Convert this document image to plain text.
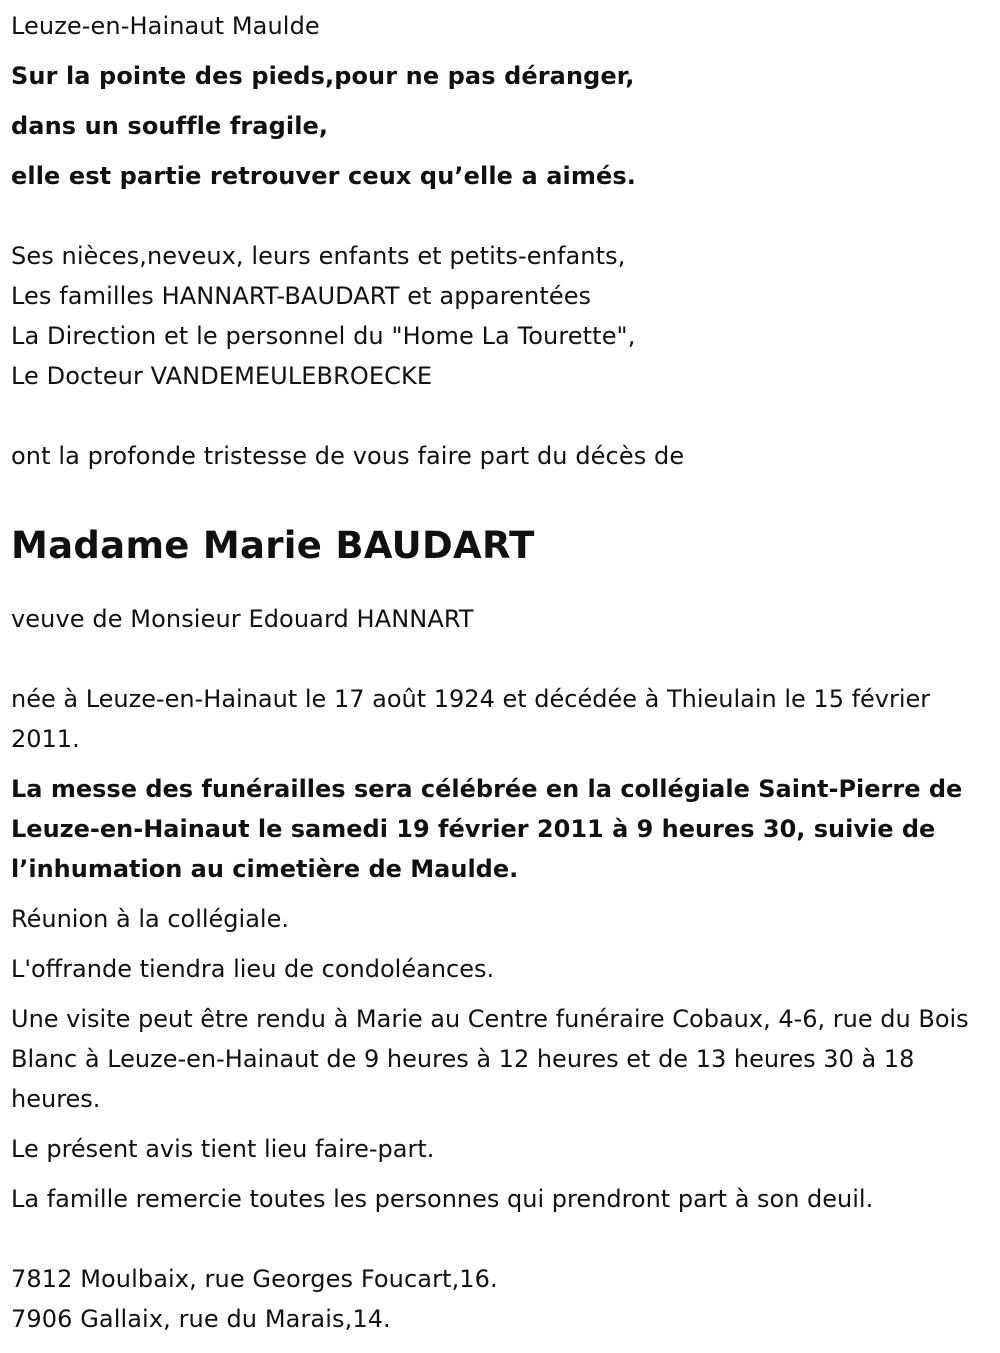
Leuze-en-Hainaut Maulde

Sur la pointe des pieds,pour ne pas déranger,

dans un souffle fragile,

elle est partie retrouver ceux qu’elle a aimés.

Ses nièces,neveux, leurs enfants et petits-enfants,

Les familles HANNART-BAUDART et apparentées

La Direction et le personnel du "Home La Tourette",

Le Docteur VANDEMEULEBROECKE

ont la profonde tristesse de vous faire part du décès de

Madame Marie BAUDART

veuve de Monsieur Edouard HANNART

née à Leuze-en-Hainaut le 17 août 1924 et décédée à Thieulain le 15 février 2011.

La messe des funérailles sera célébrée en la collégiale Saint-Pierre de Leuze-en-Hainaut le samedi 19 février 2011 à 9 heures 30, suivie de l’inhumation au cimetière de Maulde.

Réunion à la collégiale.

L'offrande tiendra lieu de condoléances.

Une visite peut être rendu à Marie au Centre funéraire Cobaux, 4-6, rue du Bois Blanc à Leuze-en-Hainaut de 9 heures à 12 heures et de 13 heures 30 à 18 heures.

Le présent avis tient lieu faire-part.

La famille remercie toutes les personnes qui prendront part à son deuil.

7812 Moulbaix, rue Georges Foucart,16.

7906 Gallaix, rue du Marais,14.
